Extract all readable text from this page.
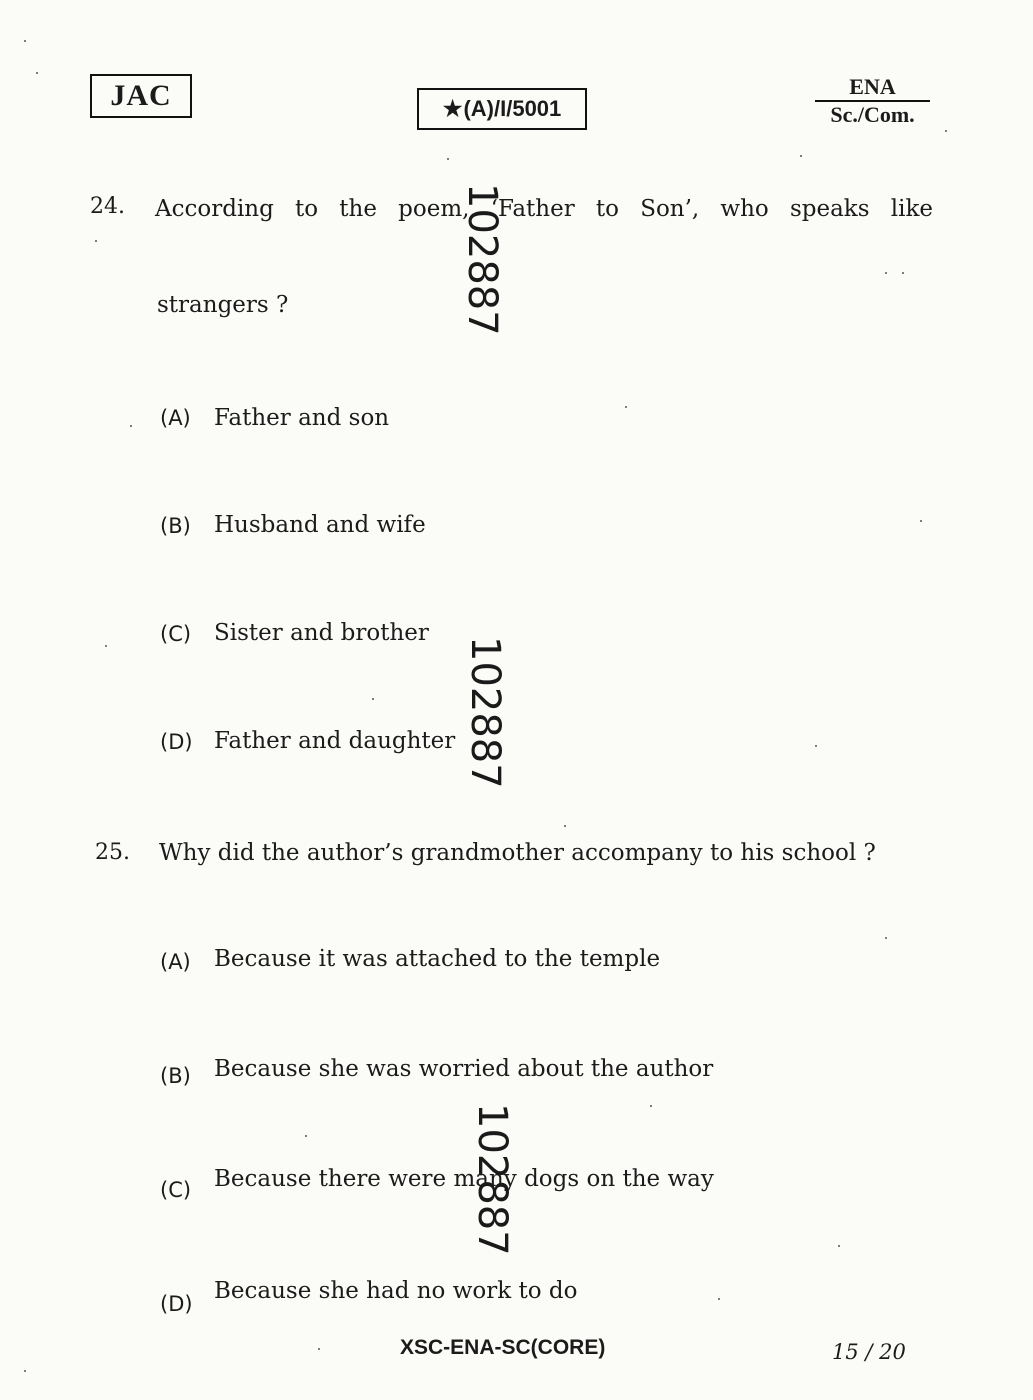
JAC	★(A)/I/5001
ENA
Sc./Com.
24. According to the poem, ‘Father to Son’, who speaks like
strangers ?
(A) Father and son
(B) Husband and wife
(C) Sister and brother
(D) Father and daughter
25. Why did the author’s grandmother accompany to his school ?
(A) Because it was attached to the temple
(B) Because she was worried about the author
(C) Because there were many dogs on the way
(D) Because she had no work to do
102887
102887
102887
XSC-ENA-SC(CORE)	15 / 20
